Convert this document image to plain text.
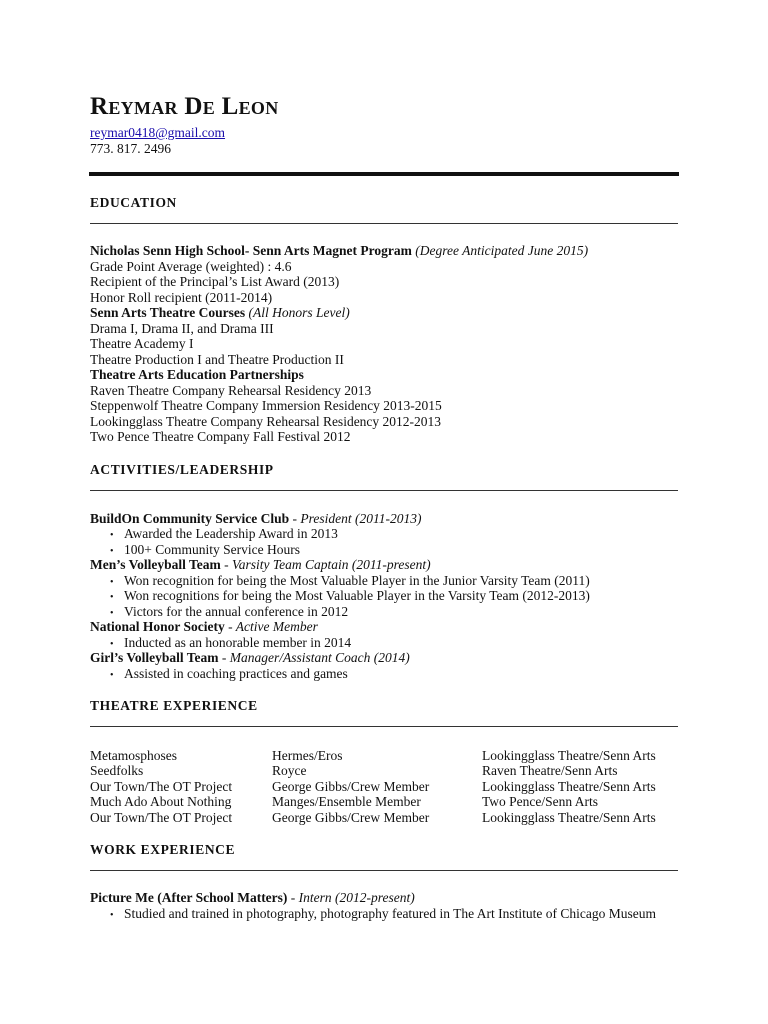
Reymar De Leon
reymar0418@gmail.com
773. 817. 2496
EDUCATION
Nicholas Senn High School- Senn Arts Magnet Program (Degree Anticipated June 2015)
Grade Point Average (weighted) : 4.6
Recipient of the Principal’s List Award (2013)
Honor Roll recipient (2011-2014)
Senn Arts Theatre Courses (All Honors Level)
Drama I, Drama II, and Drama III
Theatre Academy I
Theatre Production I and Theatre Production II
Theatre Arts Education Partnerships
Raven Theatre Company Rehearsal Residency 2013
Steppenwolf Theatre Company Immersion Residency 2013-2015
Lookingglass Theatre Company Rehearsal Residency 2012-2013
Two Pence Theatre Company Fall Festival 2012
ACTIVITIES/LEADERSHIP
BuildOn Community Service Club - President (2011-2013)
• Awarded the Leadership Award in 2013
• 100+ Community Service Hours
Men’s Volleyball Team - Varsity Team Captain (2011-present)
• Won recognition for being the Most Valuable Player in the Junior Varsity Team (2011)
• Won recognitions for being the Most Valuable Player in the Varsity Team (2012-2013)
• Victors for the annual conference in 2012
National Honor Society - Active Member
• Inducted as an honorable member in 2014
Girl’s Volleyball Team - Manager/Assistant Coach (2014)
• Assisted in coaching practices and games
THEATRE EXPERIENCE
Metamosphoses	Hermes/Eros	Lookingglass Theatre/Senn Arts
Seedfolks	Royce	Raven Theatre/Senn Arts
Our Town/The OT Project	George Gibbs/Crew Member	Lookingglass Theatre/Senn Arts
Much Ado About Nothing	Manges/Ensemble Member	Two Pence/Senn Arts
Our Town/The OT Project	George Gibbs/Crew Member	Lookingglass Theatre/Senn Arts
WORK EXPERIENCE
Picture Me (After School Matters) - Intern (2012-present)
• Studied and trained in photography, photography featured in The Art Institute of Chicago Museum
